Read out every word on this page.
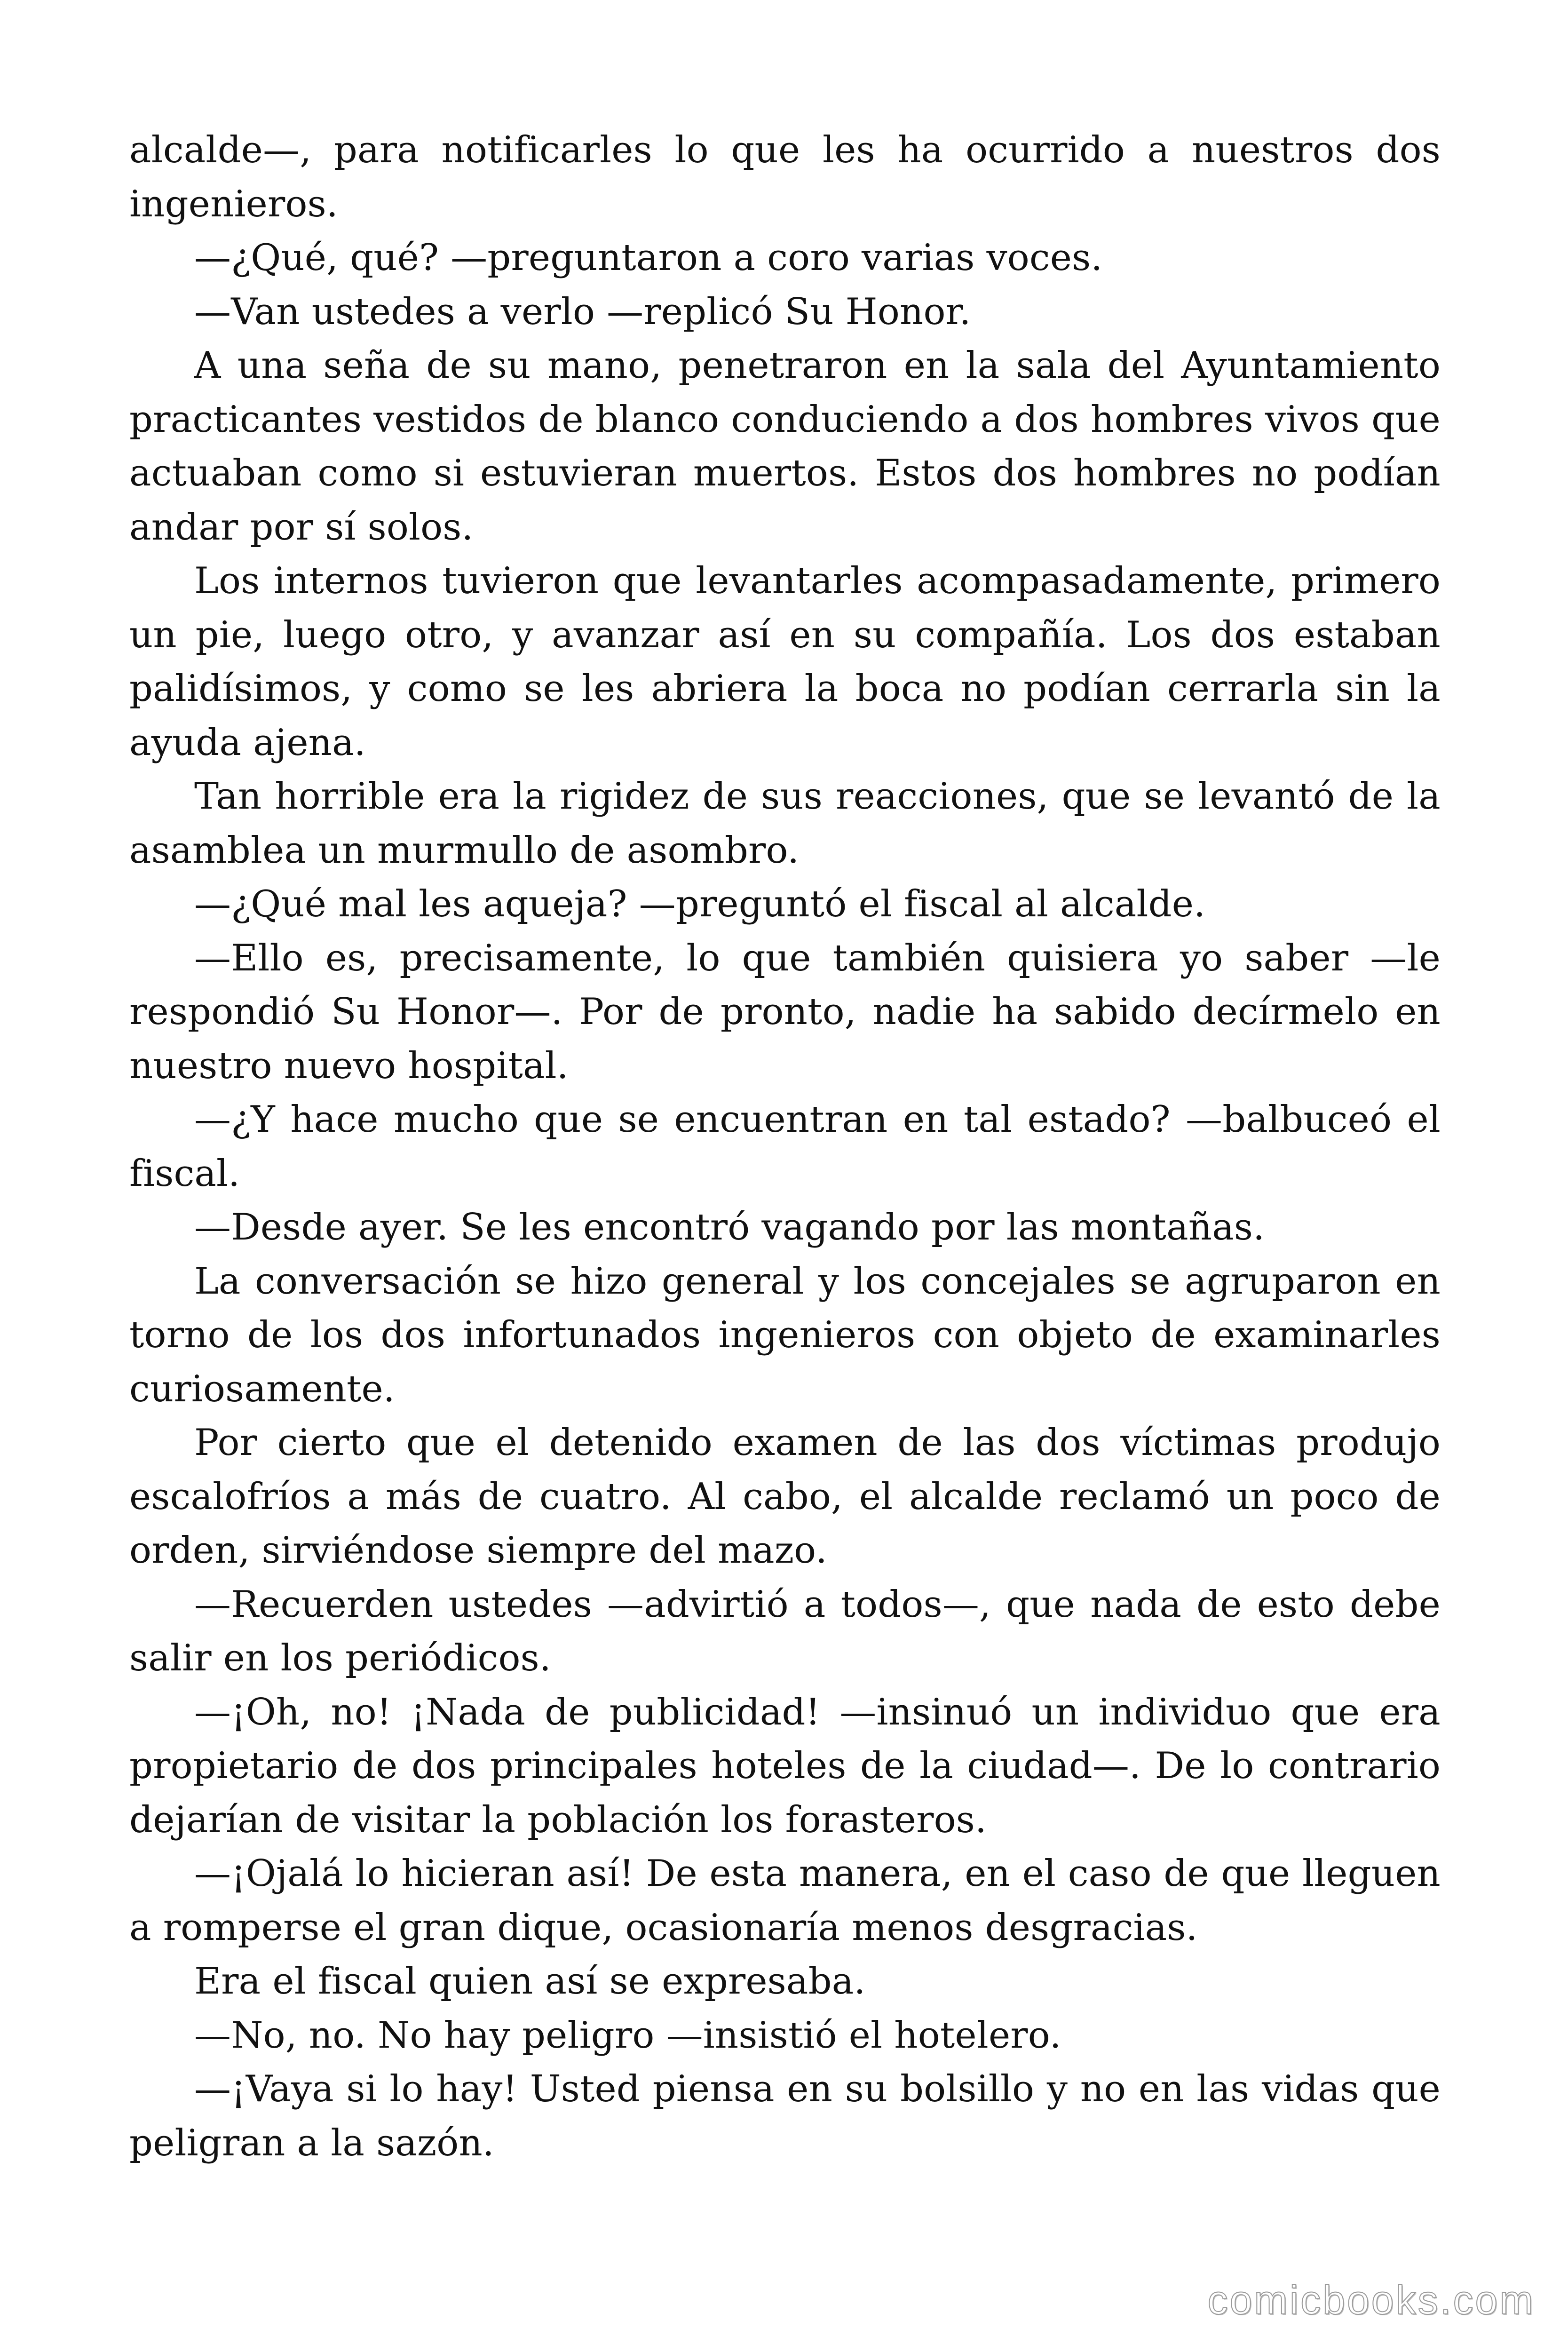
alcalde—, para notificarles lo que les ha ocurrido a nuestros dos ingenieros.

—¿Qué, qué? —preguntaron a coro varias voces.

—Van ustedes a verlo —replicó Su Honor.

A una seña de su mano, penetraron en la sala del Ayuntamiento practicantes vestidos de blanco conduciendo a dos hombres vivos que actuaban como si estuvieran muertos. Estos dos hombres no podían andar por sí solos.

Los internos tuvieron que levantarles acompasadamente, primero un pie, luego otro, y avanzar así en su compañía. Los dos estaban palidísimos, y como se les abriera la boca no podían cerrarla sin la ayuda ajena.

Tan horrible era la rigidez de sus reacciones, que se levantó de la asamblea un murmullo de asombro.

—¿Qué mal les aqueja? —preguntó el fiscal al alcalde.

—Ello es, precisamente, lo que también quisiera yo saber —le respondió Su Honor—. Por de pronto, nadie ha sabido decírmelo en nuestro nuevo hospital.

—¿Y hace mucho que se encuentran en tal estado? —balbuceó el fiscal.

—Desde ayer. Se les encontró vagando por las montañas.

La conversación se hizo general y los concejales se agruparon en torno de los dos infortunados ingenieros con objeto de examinarles curiosamente.

Por cierto que el detenido examen de las dos víctimas produjo escalofríos a más de cuatro. Al cabo, el alcalde reclamó un poco de orden, sirviéndose siempre del mazo.

—Recuerden ustedes —advirtió a todos—, que nada de esto debe salir en los periódicos.

—¡Oh, no! ¡Nada de publicidad! —insinuó un individuo que era propietario de dos principales hoteles de la ciudad—. De lo contrario dejarían de visitar la población los forasteros.

—¡Ojalá lo hicieran así! De esta manera, en el caso de que lleguen a romperse el gran dique, ocasionaría menos desgracias.

Era el fiscal quien así se expresaba.

—No, no. No hay peligro —insistió el hotelero.

—¡Vaya si lo hay! Usted piensa en su bolsillo y no en las vidas que peligran a la sazón.

comicbooks.com
